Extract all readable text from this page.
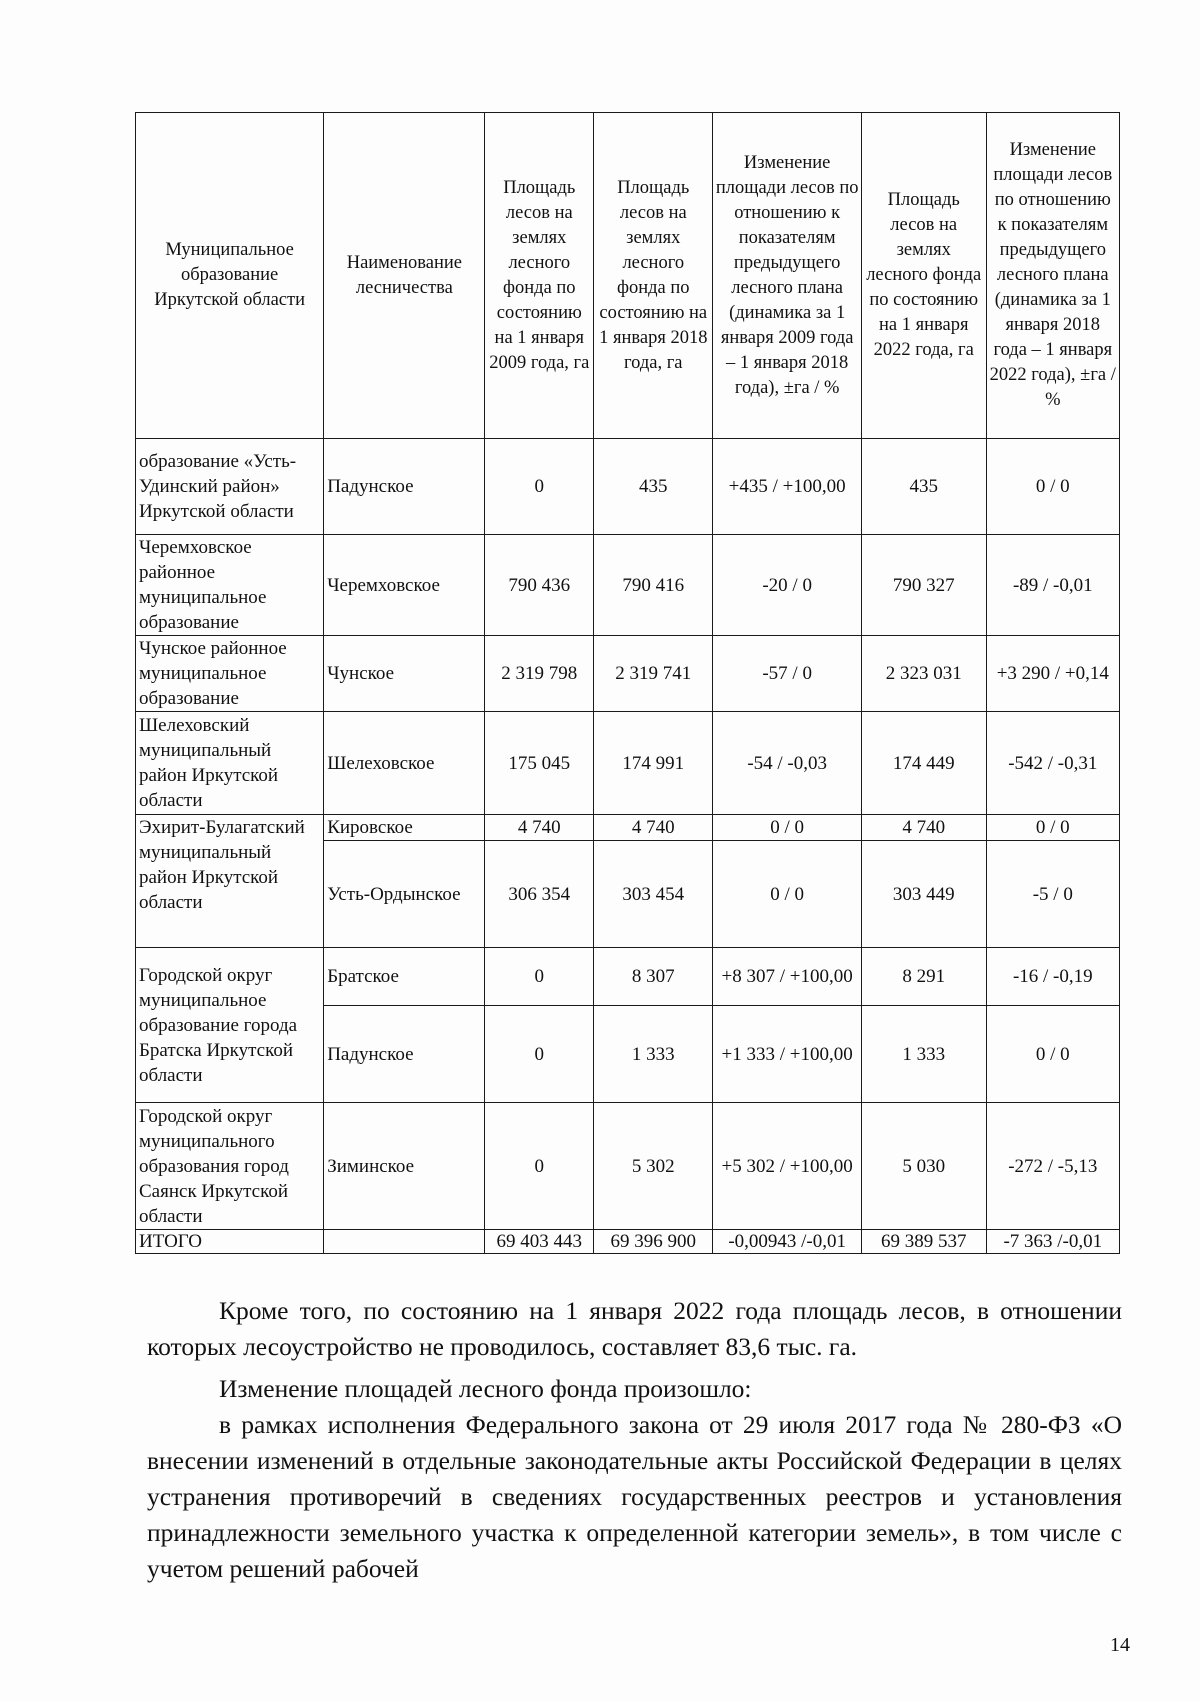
Муниципальное образование Иркутской области	Наименование лесничества	Площадь лесов на землях лесного фонда по состоянию на 1 января 2009 года, га	Площадь лесов на землях лесного фонда по состоянию на 1 января 2018 года, га	Изменение площади лесов по отношению к показателям предыдущего лесного плана (динамика за 1 января 2009 года – 1 января 2018 года), ±га / %	Площадь лесов на землях лесного фонда по состоянию на 1 января 2022 года, га	Изменение площади лесов по отношению к показателям предыдущего лесного плана (динамика за 1 января 2018 года – 1 января 2022 года), ±га / %
образование «Усть-Удинский район» Иркутской области	Падунское	0	435	+435 / +100,00	435	0 / 0
Черемховское районное муниципальное образование	Черемховское	790 436	790 416	-20 / 0	790 327	-89 / -0,01
Чунское районное муниципальное образование	Чунское	2 319 798	2 319 741	-57 / 0	2 323 031	+3 290 / +0,14
Шелеховский муниципальный район Иркутской области	Шелеховское	175 045	174 991	-54 / -0,03	174 449	-542 / -0,31
Эхирит-Булагатский муниципальный район Иркутской области	Кировское	4 740	4 740	0 / 0	4 740	0 / 0
	Усть-Ордынское	306 354	303 454	0 / 0	303 449	-5 / 0
Городской округ муниципальное образование города Братска Иркутской области	Братское	0	8 307	+8 307 / +100,00	8 291	-16 / -0,19
	Падунское	0	1 333	+1 333 / +100,00	1 333	0 / 0
Городской округ муниципального образования город Саянск Иркутской области	Зиминское	0	5 302	+5 302 / +100,00	5 030	-272 / -5,13
ИТОГО		69 403 443	69 396 900	-0,00943 /-0,01	69 389 537	-7 363 /-0,01

Кроме того, по состоянию на 1 января 2022 года площадь лесов, в отношении которых лесоустройство не проводилось, составляет 83,6 тыс. га.

Изменение площадей лесного фонда произошло:

в рамках исполнения Федерального закона от 29 июля 2017 года № 280-ФЗ «О внесении изменений в отдельные законодательные акты Российской Федерации в целях устранения противоречий в сведениях государственных реестров и установления принадлежности земельного участка к определенной категории земель», в том числе с учетом решений рабочей

14
